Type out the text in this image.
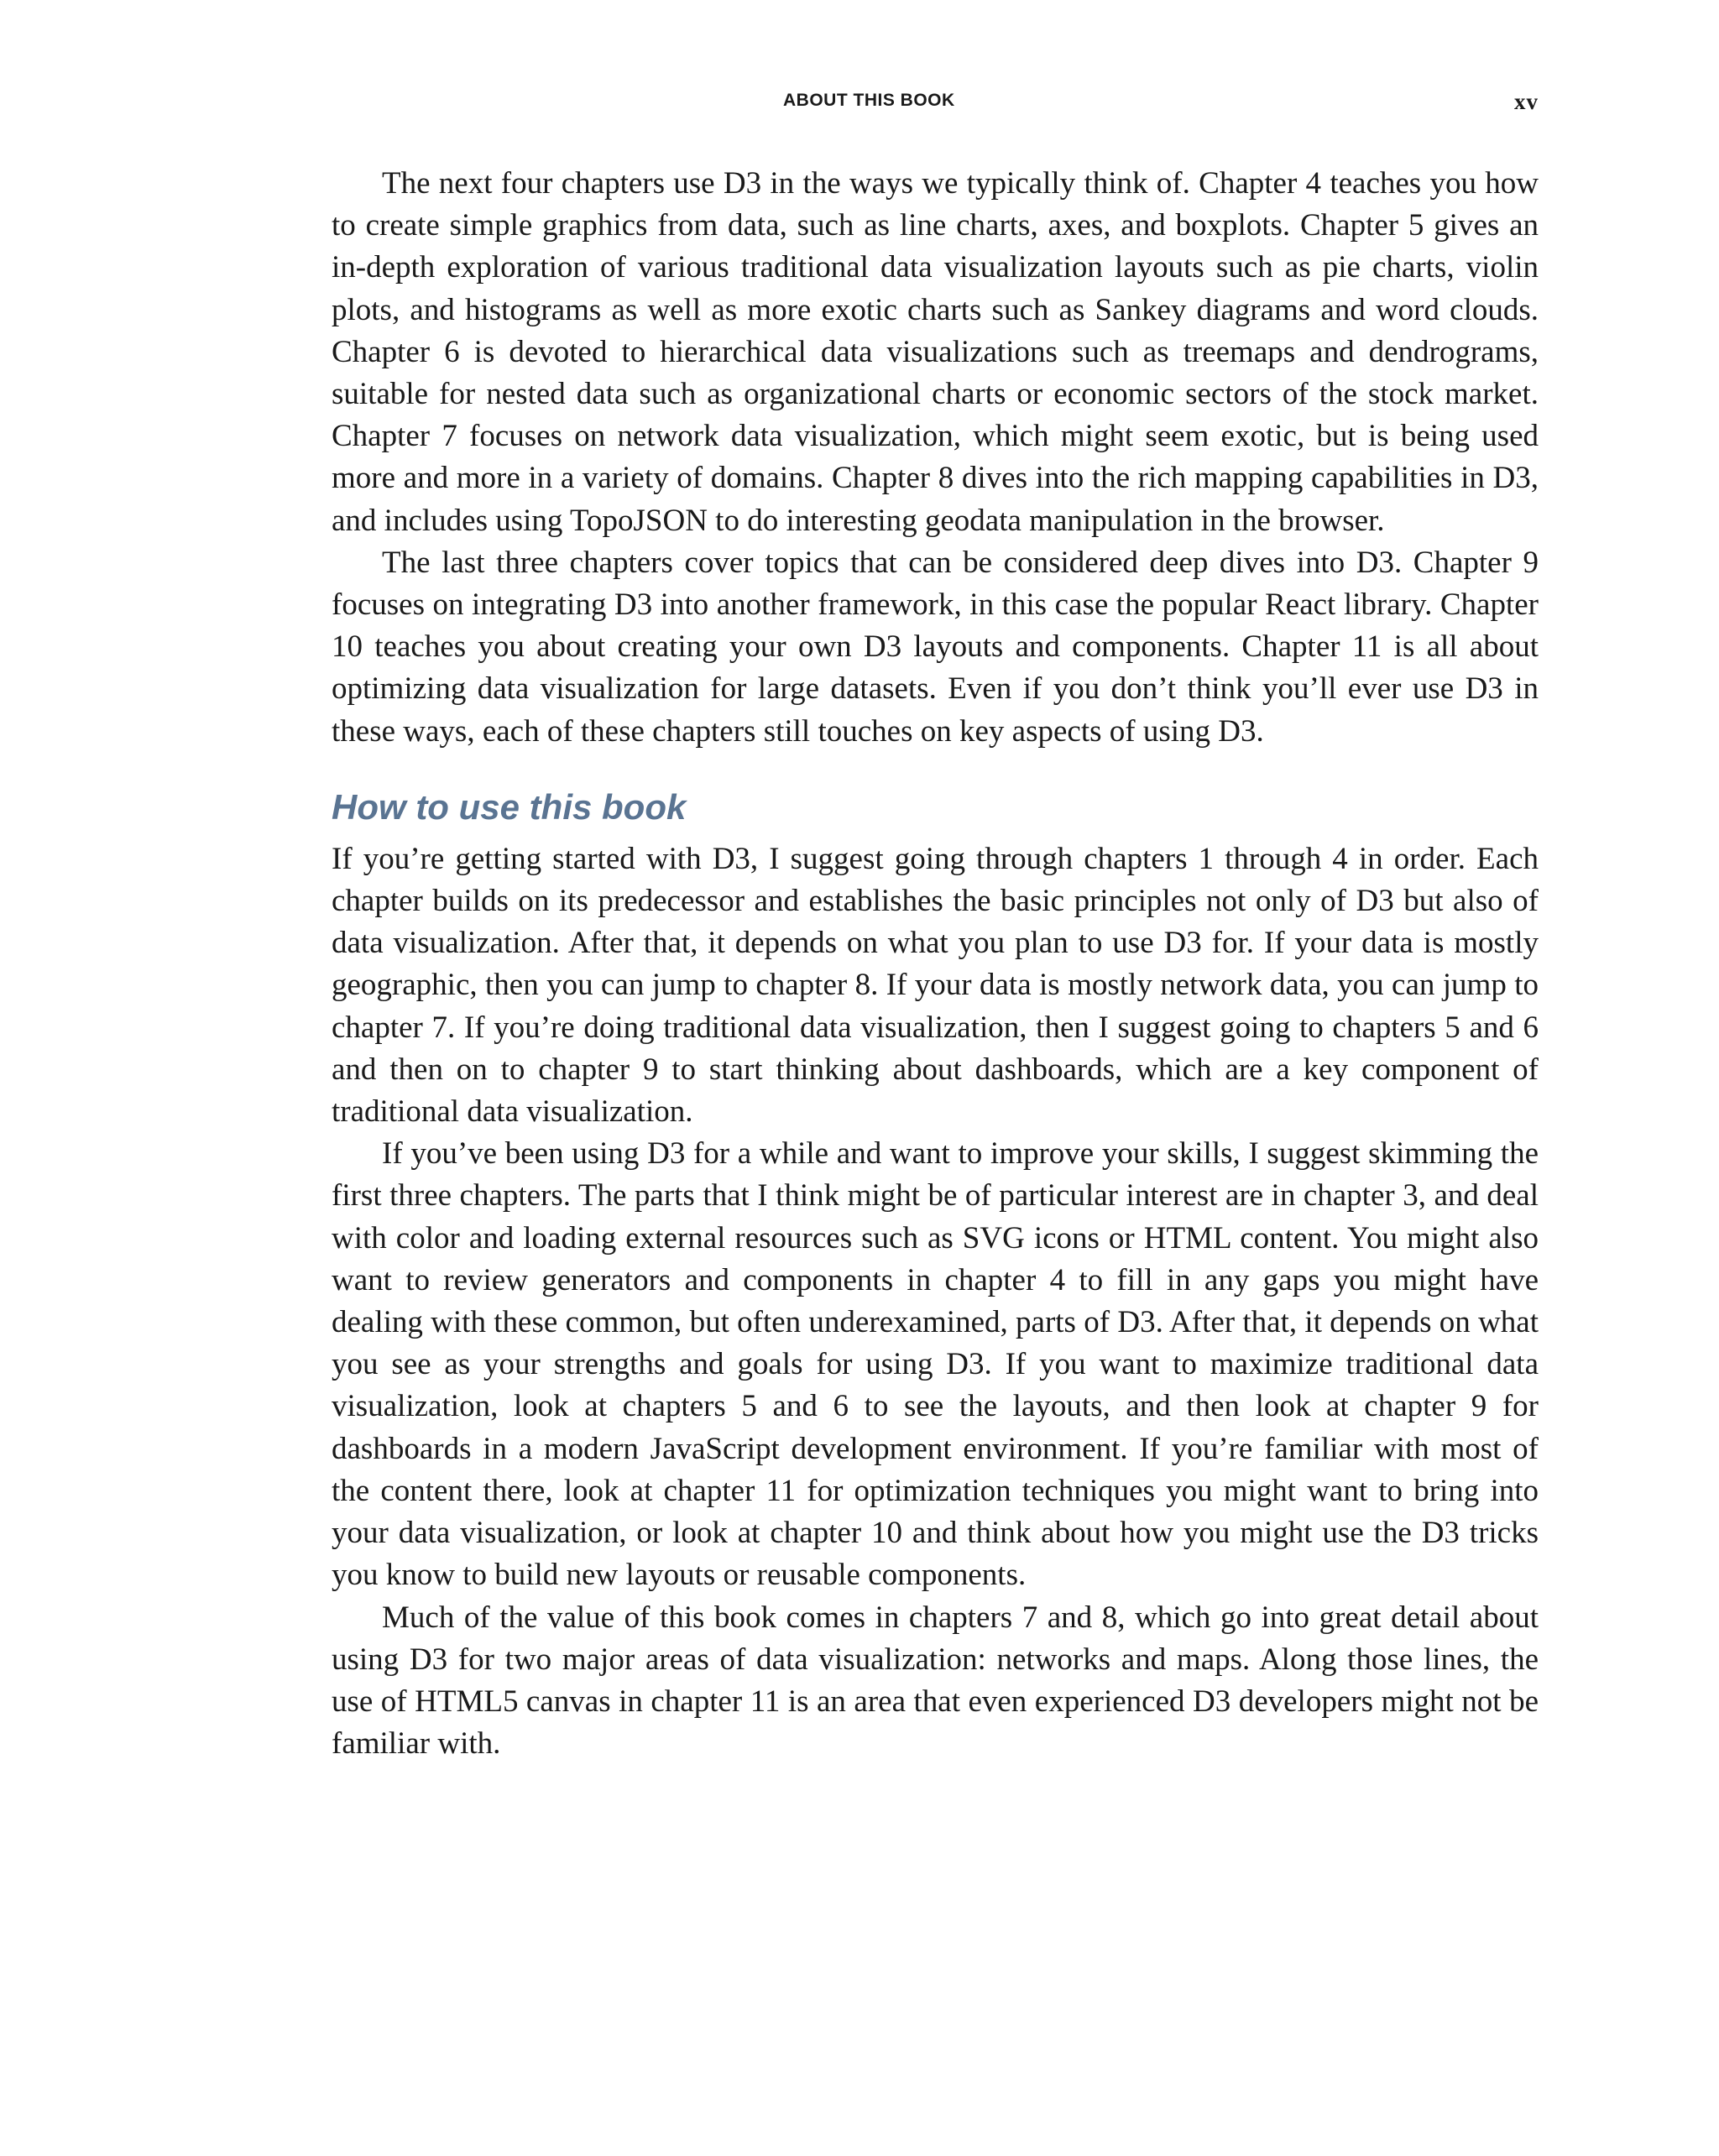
ABOUT THIS BOOK	xv

The next four chapters use D3 in the ways we typically think of. Chapter 4 teaches you how to create simple graphics from data, such as line charts, axes, and boxplots. Chapter 5 gives an in-depth exploration of various traditional data visualization layouts such as pie charts, violin plots, and histograms as well as more exotic charts such as Sankey diagrams and word clouds. Chapter 6 is devoted to hierarchical data visualizations such as treemaps and dendrograms, suitable for nested data such as organizational charts or economic sectors of the stock market. Chapter 7 focuses on network data visualization, which might seem exotic, but is being used more and more in a variety of domains. Chapter 8 dives into the rich mapping capabilities in D3, and includes using TopoJSON to do interesting geodata manipulation in the browser.

The last three chapters cover topics that can be considered deep dives into D3. Chapter 9 focuses on integrating D3 into another framework, in this case the popular React library. Chapter 10 teaches you about creating your own D3 layouts and components. Chapter 11 is all about optimizing data visualization for large datasets. Even if you don’t think you’ll ever use D3 in these ways, each of these chapters still touches on key aspects of using D3.

How to use this book

If you’re getting started with D3, I suggest going through chapters 1 through 4 in order. Each chapter builds on its predecessor and establishes the basic principles not only of D3 but also of data visualization. After that, it depends on what you plan to use D3 for. If your data is mostly geographic, then you can jump to chapter 8. If your data is mostly network data, you can jump to chapter 7. If you’re doing traditional data visualization, then I suggest going to chapters 5 and 6 and then on to chapter 9 to start thinking about dashboards, which are a key component of traditional data visualization.

If you’ve been using D3 for a while and want to improve your skills, I suggest skimming the first three chapters. The parts that I think might be of particular interest are in chapter 3, and deal with color and loading external resources such as SVG icons or HTML content. You might also want to review generators and components in chapter 4 to fill in any gaps you might have dealing with these common, but often underexamined, parts of D3. After that, it depends on what you see as your strengths and goals for using D3. If you want to maximize traditional data visualization, look at chapters 5 and 6 to see the layouts, and then look at chapter 9 for dashboards in a modern JavaScript development environment. If you’re familiar with most of the content there, look at chapter 11 for optimization techniques you might want to bring into your data visualization, or look at chapter 10 and think about how you might use the D3 tricks you know to build new layouts or reusable components.

Much of the value of this book comes in chapters 7 and 8, which go into great detail about using D3 for two major areas of data visualization: networks and maps. Along those lines, the use of HTML5 canvas in chapter 11 is an area that even experienced D3 developers might not be familiar with.
